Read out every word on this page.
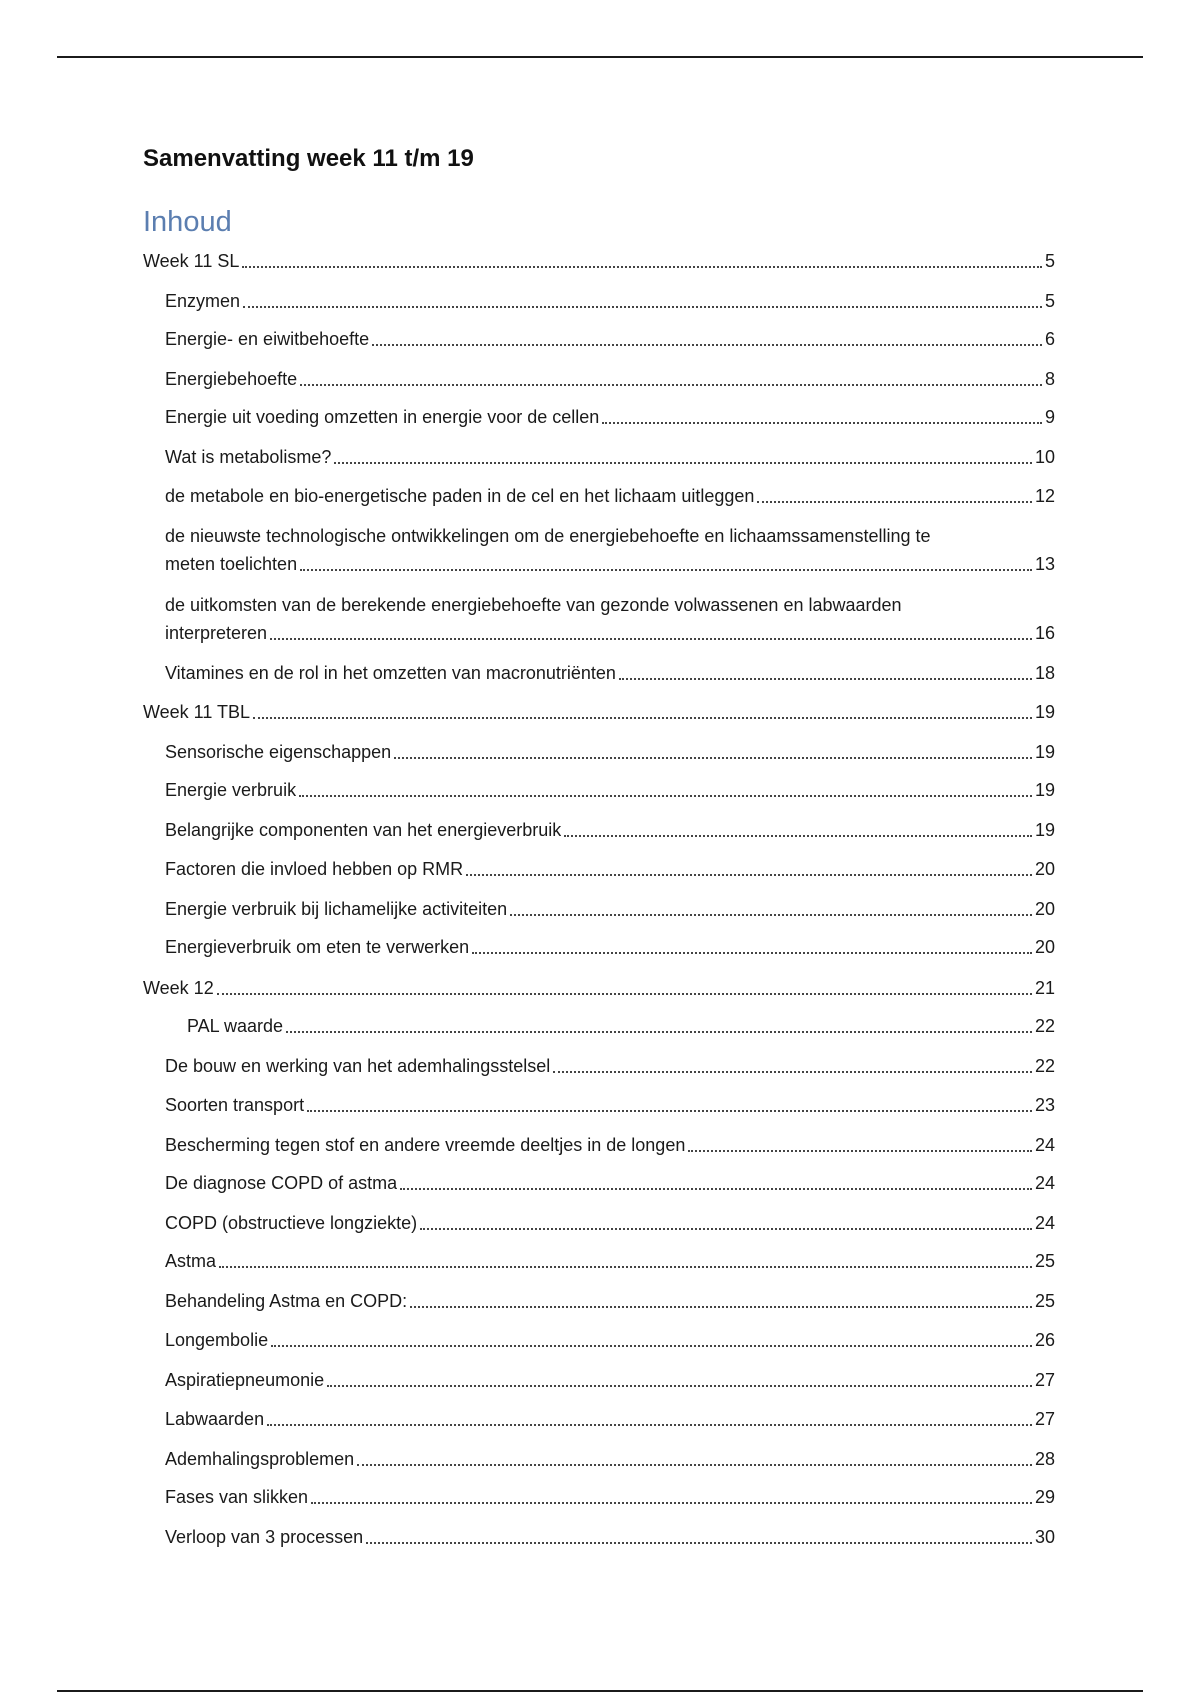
Samenvatting week 11 t/m 19
Inhoud
Week 11 SL	5
Enzymen	5
Energie- en eiwitbehoefte	6
Energiebehoefte	8
Energie uit voeding omzetten in energie voor de cellen	9
Wat is metabolisme?	10
de metabole en bio-energetische paden in de cel en het lichaam uitleggen	12
de nieuwste technologische ontwikkelingen om de energiebehoefte en lichaamssamenstelling te
meten toelichten	13
de uitkomsten van de berekende energiebehoefte van gezonde volwassenen en labwaarden
interpreteren	16
Vitamines en de rol in het omzetten van macronutriënten	18
Week 11 TBL	19
Sensorische eigenschappen	19
Energie verbruik	19
Belangrijke componenten van het energieverbruik	19
Factoren die invloed hebben op RMR	20
Energie verbruik bij lichamelijke activiteiten	20
Energieverbruik om eten te verwerken	20
Week 12	21
PAL waarde	22
De bouw en werking van het ademhalingsstelsel	22
Soorten transport	23
Bescherming tegen stof en andere vreemde deeltjes in de longen	24
De diagnose COPD of astma	24
COPD (obstructieve longziekte)	24
Astma	25
Behandeling Astma en COPD:	25
Longembolie	26
Aspiratiepneumonie	27
Labwaarden	27
Ademhalingsproblemen	28
Fases van slikken	29
Verloop van 3 processen	30
